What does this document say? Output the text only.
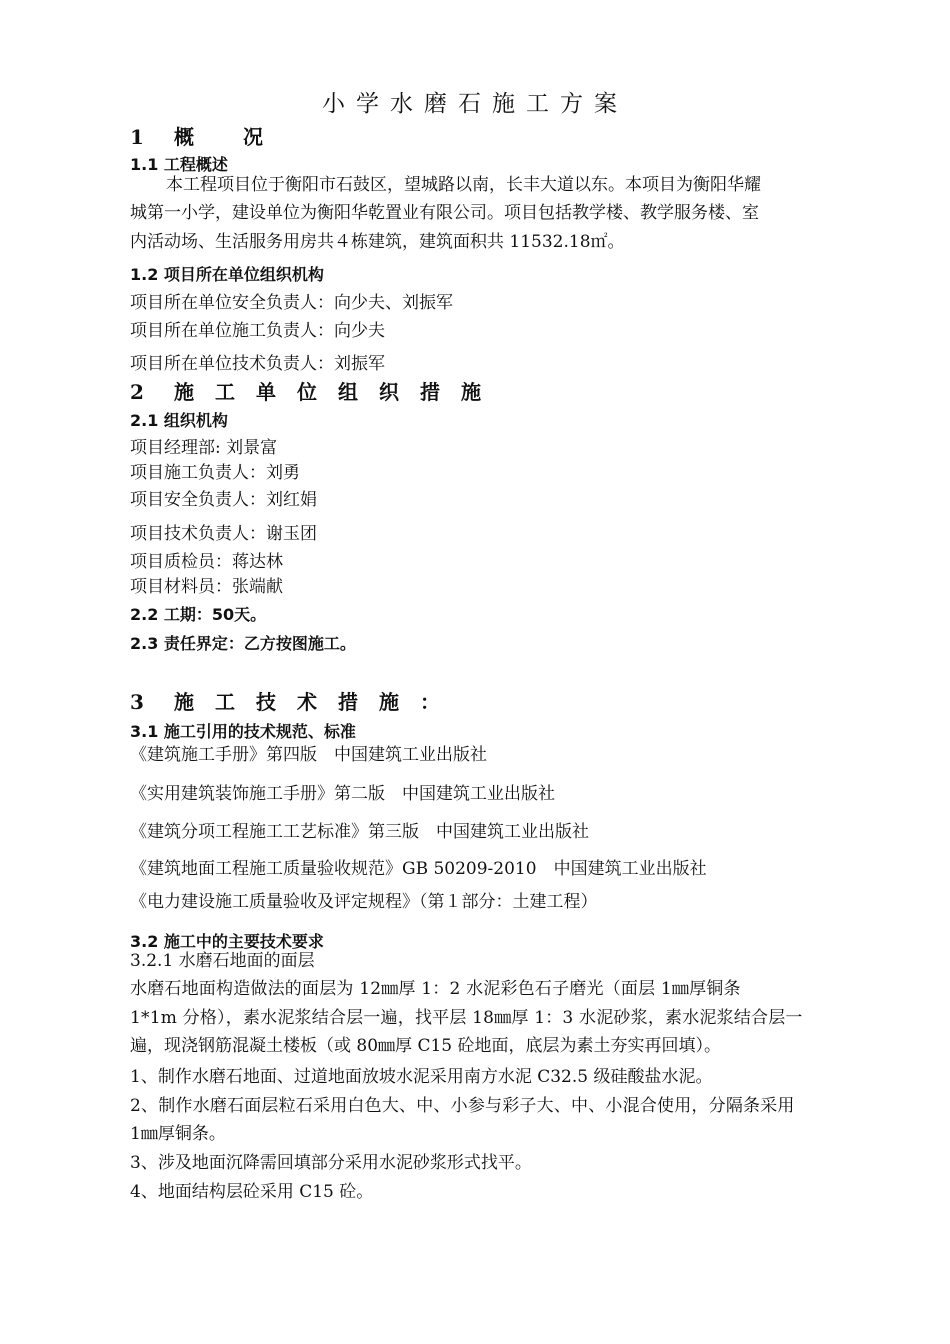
小学水磨石施工方案
1 概 况
1.1 工程概述
本工程项目位于衡阳市石鼓区，望城路以南，长丰大道以东。本项目为衡阳华耀
城第一小学，建设单位为衡阳华乾置业有限公司。项目包括教学楼、教学服务楼、室
内活动场、生活服务用房共４栋建筑，建筑面积共 11532.18㎡。
1.2 项目所在单位组织机构
项目所在单位安全负责人：向少夫、刘振军
项目所在单位施工负责人：向少夫
项目所在单位技术负责人：刘振军
2 施工单位组织措施
2.1 组织机构
项目经理部: 刘景富
项目施工负责人：刘勇
项目安全负责人：刘红娟
项目技术负责人：谢玉团
项目质检员：蒋达林
项目材料员：张端献
2.2 工期：50天。
2.3 责任界定：乙方按图施工。
3 施工技术措施：
3.1 施工引用的技术规范、标准
《建筑施工手册》第四版　中国建筑工业出版社
《实用建筑装饰施工手册》第二版　中国建筑工业出版社
《建筑分项工程施工工艺标准》第三版　中国建筑工业出版社
《建筑地面工程施工质量验收规范》GB 50209-2010　中国建筑工业出版社
《电力建设施工质量验收及评定规程》（第１部分：土建工程）
3.2 施工中的主要技术要求
3.2.1 水磨石地面的面层
水磨石地面构造做法的面层为 12㎜厚 1：2 水泥彩色石子磨光（面层 1㎜厚铜条
1*1m 分格），素水泥浆结合层一遍，找平层 18㎜厚 1：3 水泥砂浆，素水泥浆结合层一
遍，现浇钢筋混凝土楼板（或 80㎜厚 C15 砼地面，底层为素土夯实再回填）。
1、制作水磨石地面、过道地面放坡水泥采用南方水泥 C32.5 级硅酸盐水泥。
2、制作水磨石面层粒石采用白色大、中、小参与彩子大、中、小混合使用，分隔条采用
1㎜厚铜条。
3、涉及地面沉降需回填部分采用水泥砂浆形式找平。
4、地面结构层砼采用 C15 砼。
